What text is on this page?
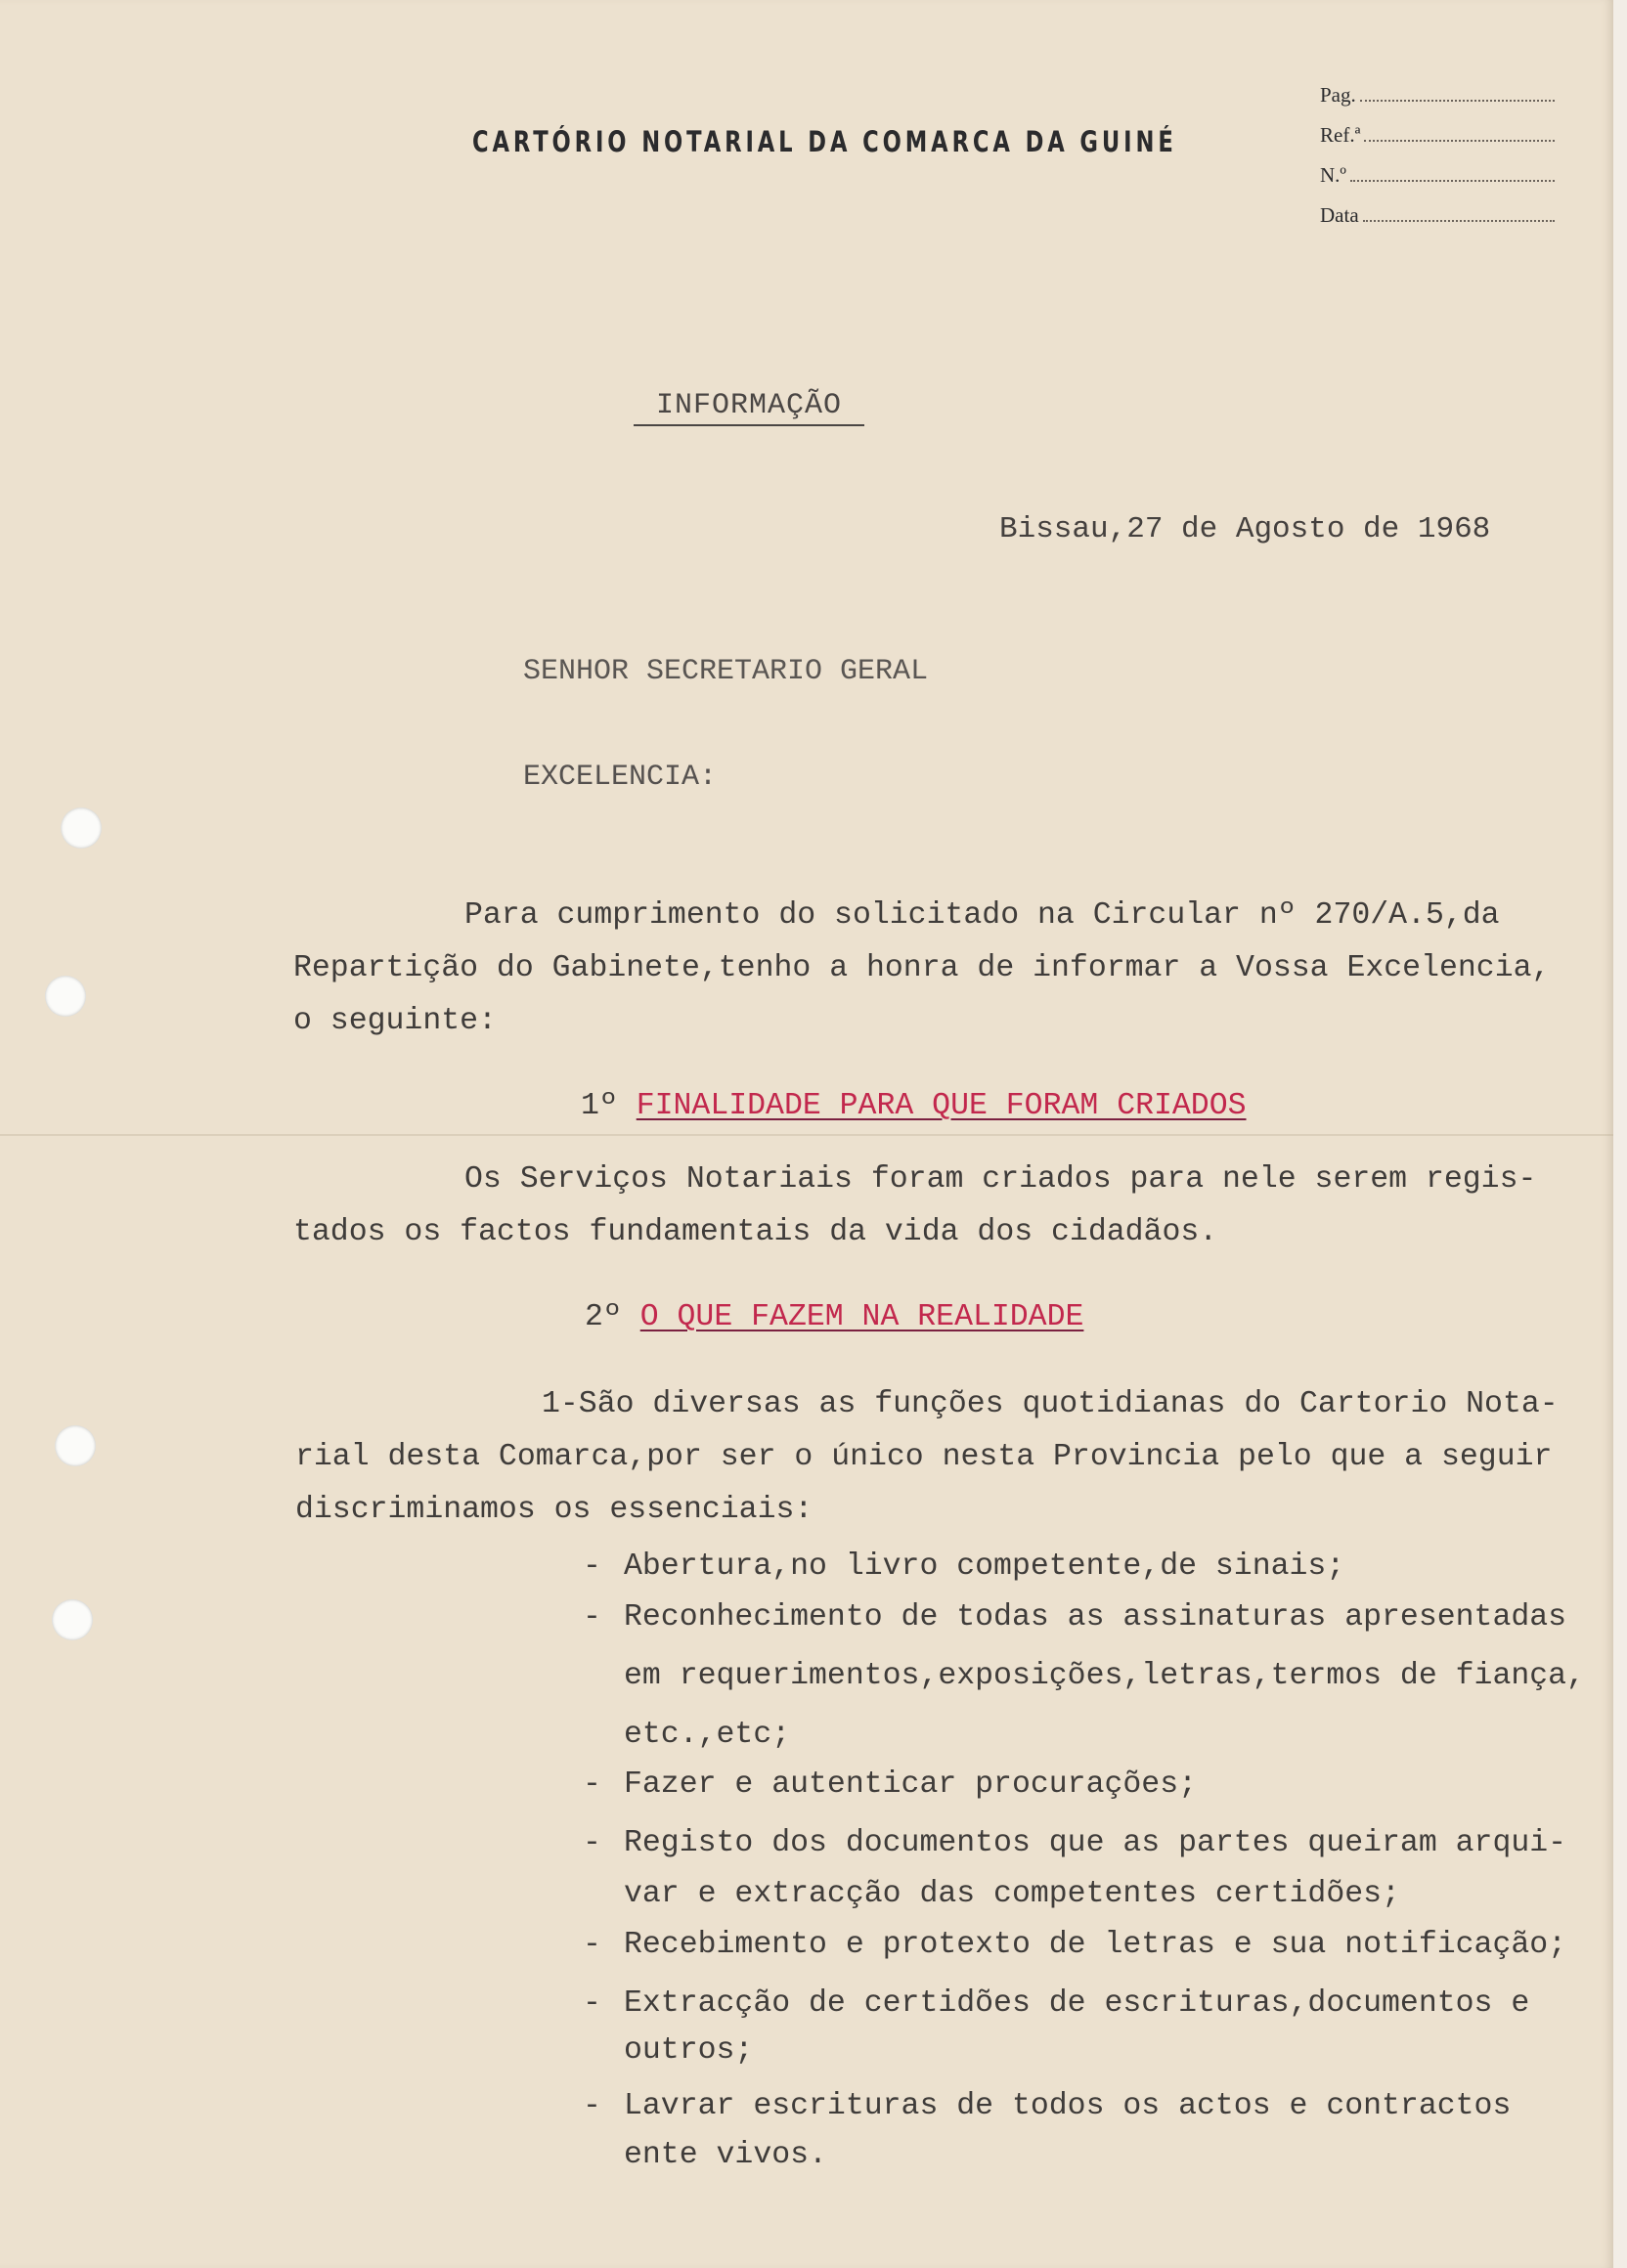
CARTÓRIO NOTARIAL DA COMARCA DA GUINÉ
Pag.
Ref.ª
N.º
Data
INFORMAÇÃO
Bissau,27 de Agosto de 1968
SENHOR SECRETARIO GERAL
EXCELENCIA:
Para cumprimento do solicitado na Circular nº 270/A.5,da
Repartição do Gabinete,tenho a honra de informar a Vossa Excelencia,
o seguinte:
1º FINALIDADE PARA QUE FORAM CRIADOS
Os Serviços Notariais foram criados para nele serem regis-
tados os factos fundamentais da vida dos cidadãos.
2º O QUE FAZEM NA REALIDADE
1-São diversas as funções quotidianas do Cartorio Nota-
rial desta Comarca,por ser o único nesta Provincia pelo que a seguir
discriminamos os essenciais:
- Abertura,no livro competente,de sinais;
- Reconhecimento de todas as assinaturas apresentadas
em requerimentos,exposições,letras,termos de fiança,
etc.,etc;
- Fazer e autenticar procurações;
- Registo dos documentos que as partes queiram arqui-
var e extracção das competentes certidões;
- Recebimento e protexto de letras e sua notificação;
- Extracção de certidões de escrituras,documentos e
outros;
- Lavrar escrituras de todos os actos e contractos
ente vivos.
